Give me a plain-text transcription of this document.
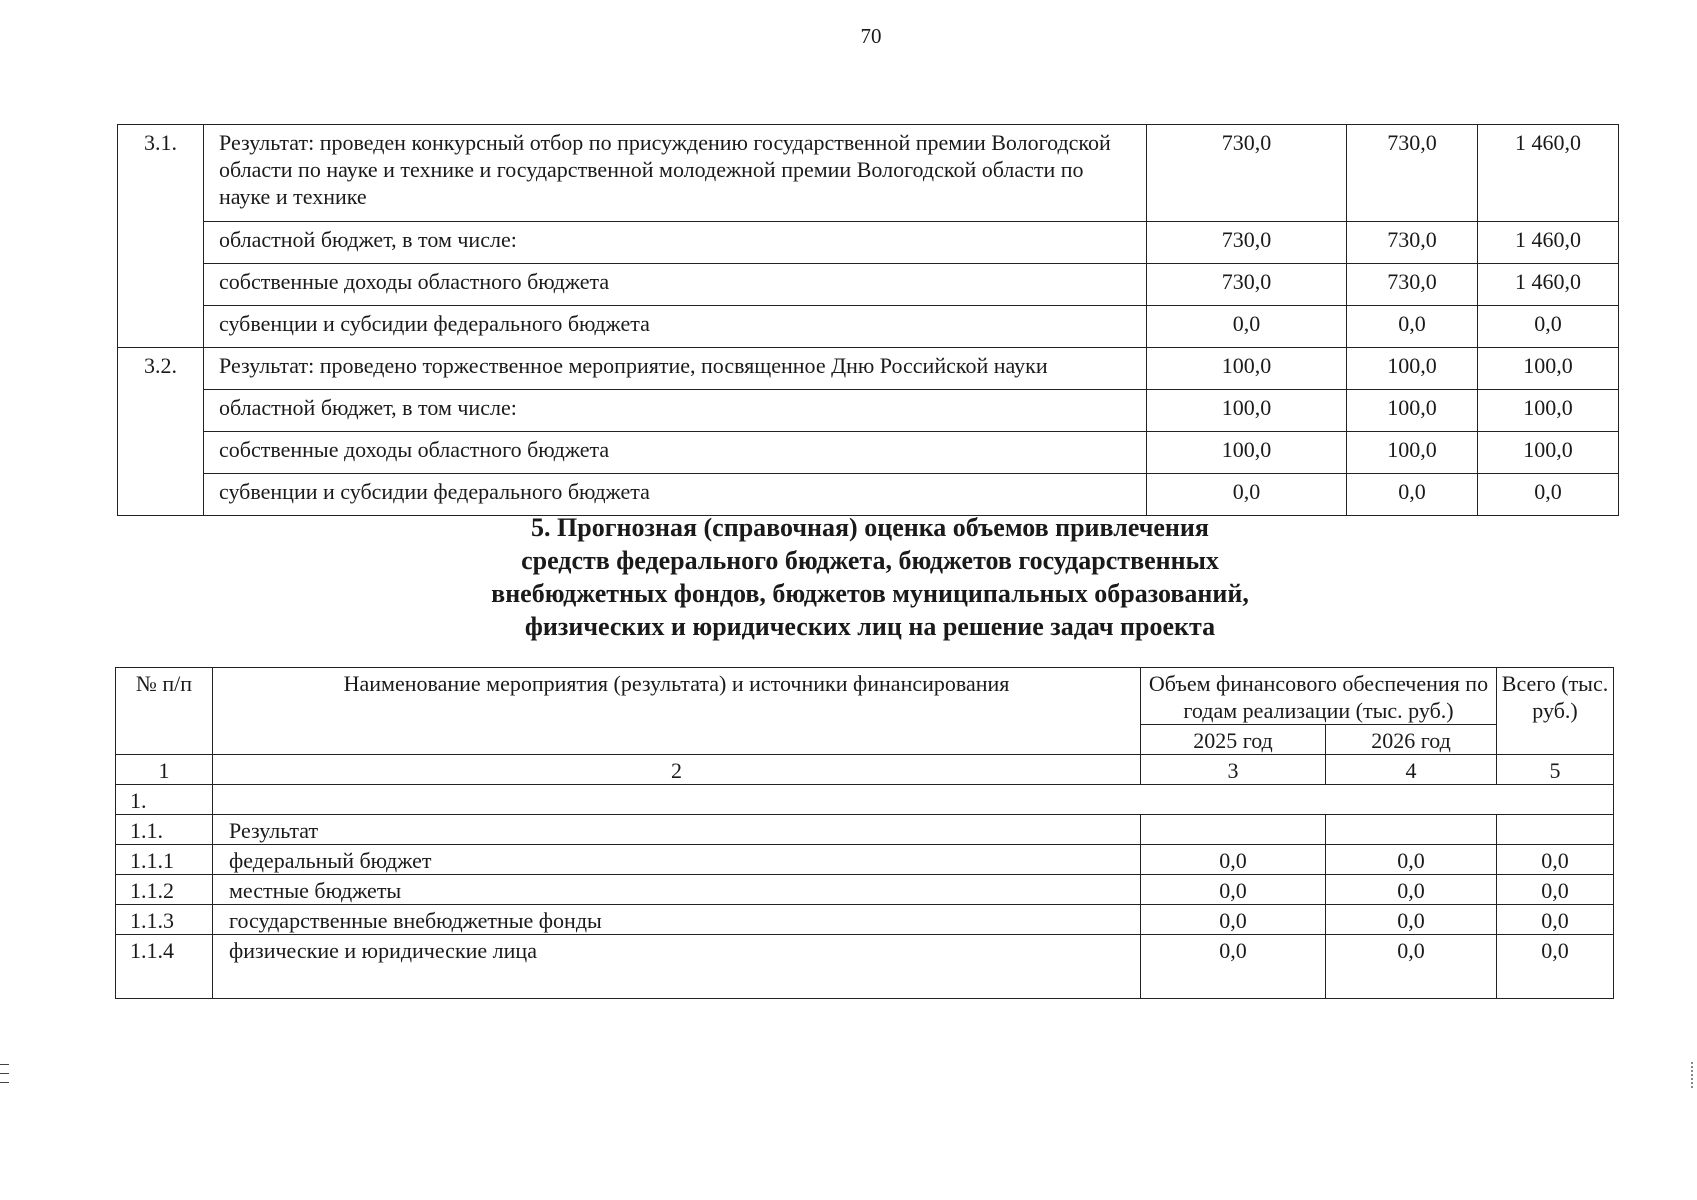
70
3.1.	Результат: проведен конкурсный отбор по присуждению государственной премии Вологодской области по науке и технике и государственной молодежной премии Вологодской области по науке и технике	730,0	730,0	1 460,0
	областной бюджет, в том числе:	730,0	730,0	1 460,0
	собственные доходы областного бюджета	730,0	730,0	1 460,0
	субвенции и субсидии федерального бюджета	0,0	0,0	0,0
3.2.	Результат: проведено торжественное мероприятие, посвященное Дню Российской науки	100,0	100,0	100,0
	областной бюджет, в том числе:	100,0	100,0	100,0
	собственные доходы областного бюджета	100,0	100,0	100,0
	субвенции и субсидии федерального бюджета	0,0	0,0	0,0
5. Прогнозная (справочная) оценка объемов привлечения
средств федерального бюджета, бюджетов государственных
внебюджетных фондов, бюджетов муниципальных образований,
физических и юридических лиц на решение задач проекта
№ п/п	Наименование мероприятия (результата) и источники финансирования	Объем финансового обеспечения по годам реализации (тыс. руб.)		Всего (тыс. руб.)
		2025 год	2026 год	
1	2	3	4	5
1.				
1.1.	Результат			
1.1.1	федеральный бюджет	0,0	0,0	0,0
1.1.2	местные бюджеты	0,0	0,0	0,0
1.1.3	государственные внебюджетные фонды	0,0	0,0	0,0
1.1.4	физические и юридические лица	0,0	0,0	0,0
